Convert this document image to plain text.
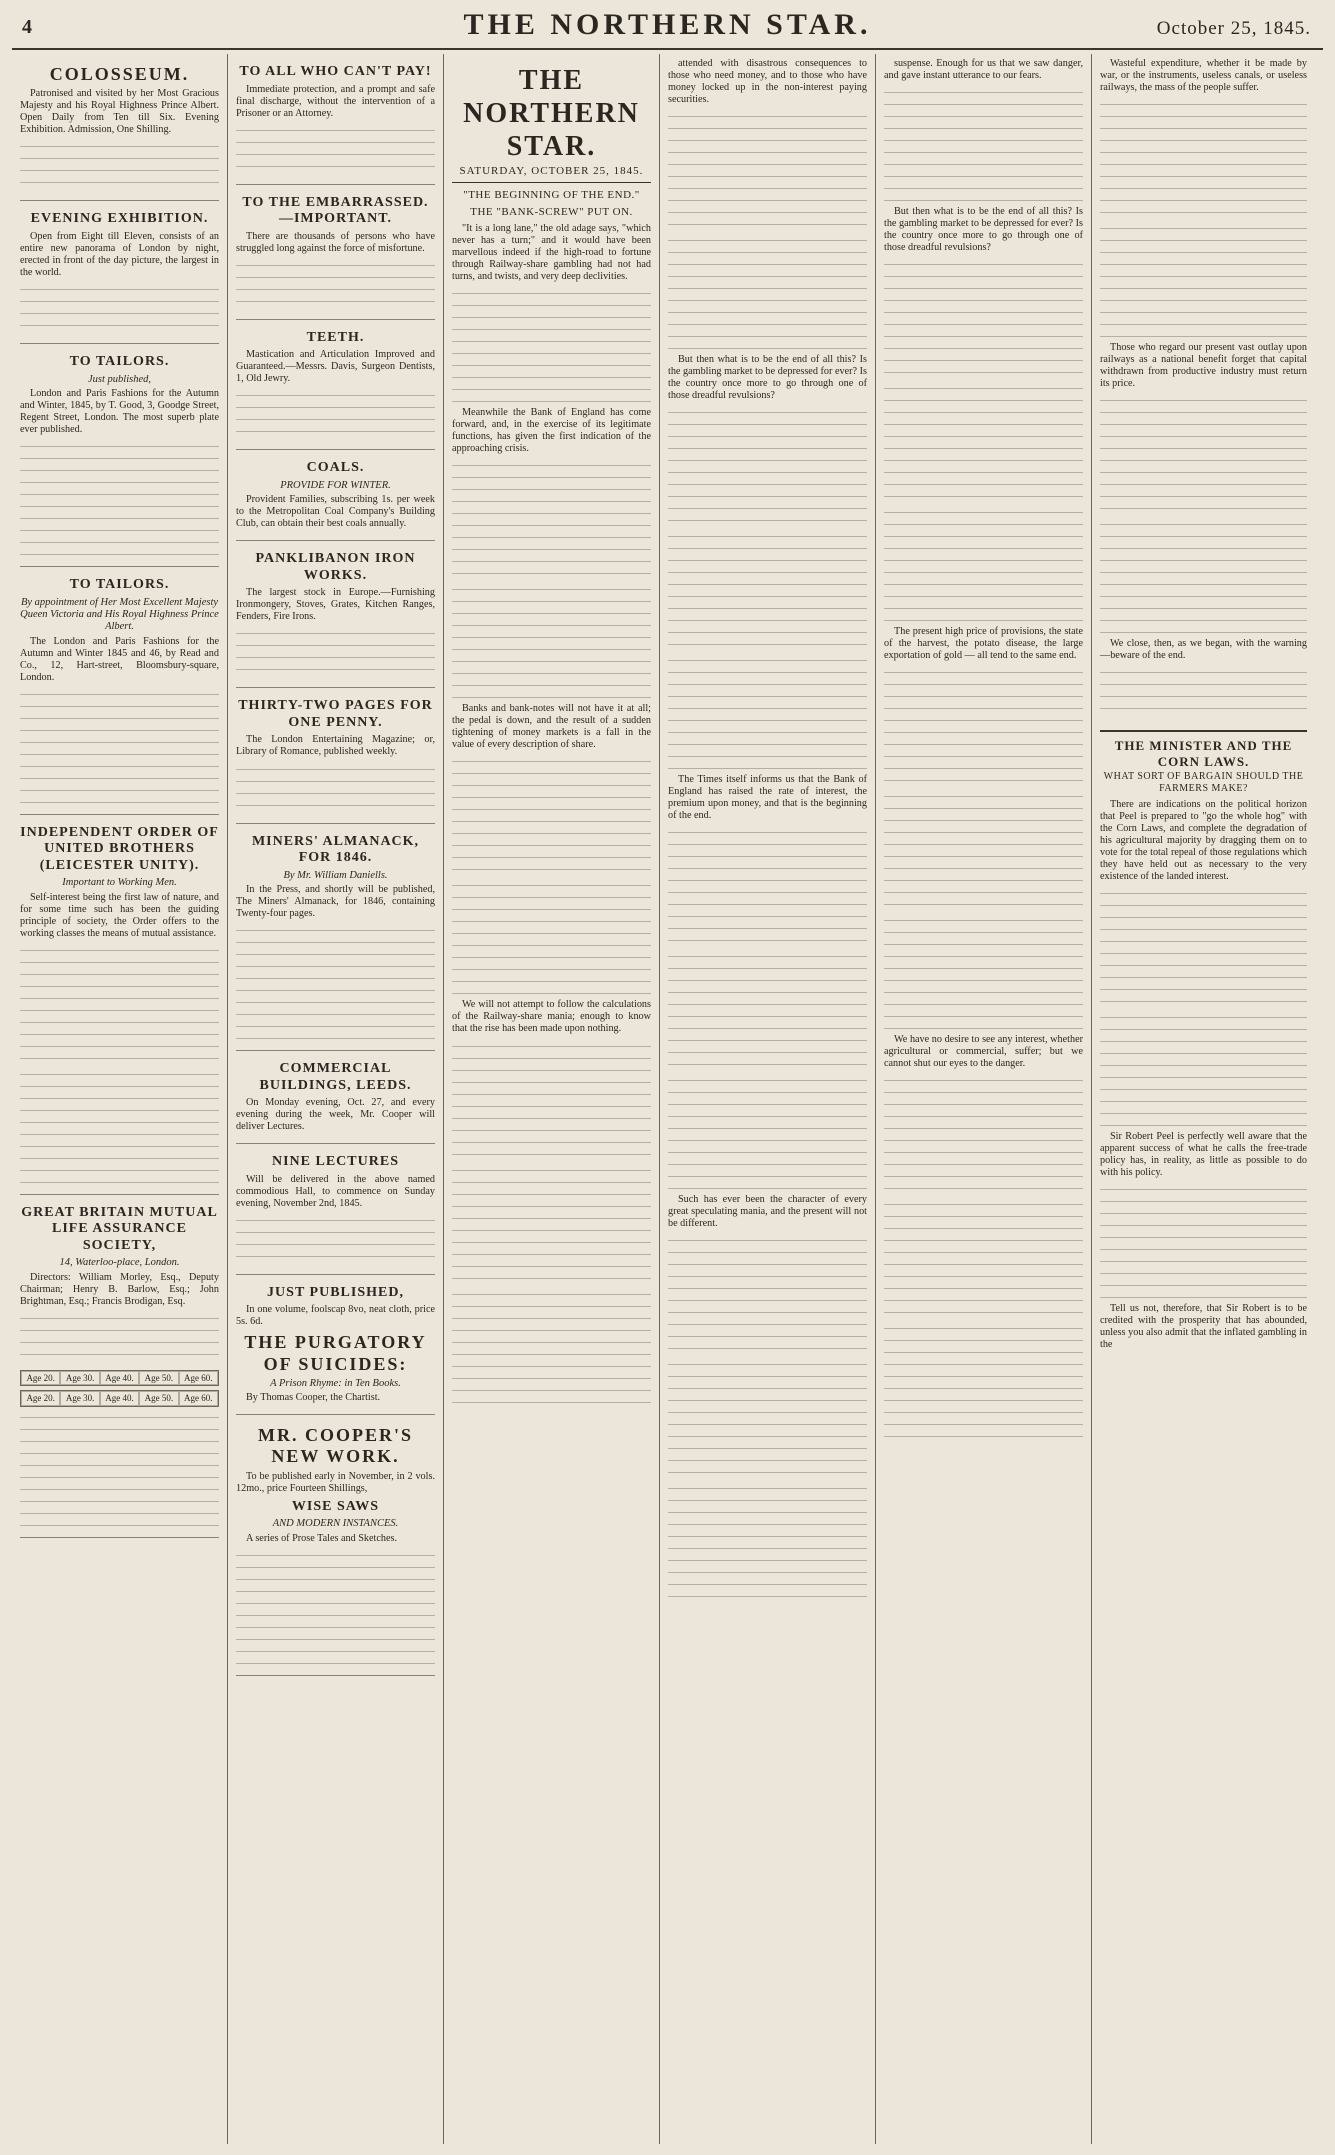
4	THE NORTHERN STAR.	October 25, 1845.
COLOSSEUM.

Patronised and visited by her Most Gracious Majesty and his Royal Highness Prince Albert. Open Daily from Ten till Six. Evening Exhibition. Admission, One Shilling.

EVENING EXHIBITION.

Open from Eight till Eleven, consists of an entire new panorama of London by night, erected in front of the day picture, the largest in the world.

TO TAILORS.
Just published,

London and Paris Fashions for the Autumn and Winter, 1845, by T. Good, 3, Goodge Street, Regent Street, London. The most superb plate ever published.

TO TAILORS.
By appointment of Her Most Excellent Majesty Queen Victoria and His Royal Highness Prince Albert.

The London and Paris Fashions for the Autumn and Winter 1845 and 46, by Read and Co., 12, Hart-street, Bloomsbury-square, London.

INDEPENDENT ORDER OF UNITED BROTHERS (LEICESTER UNITY).
Important to Working Men.

Self-interest being the first law of nature, and for some time such has been the guiding principle of society, the Order offers to the working classes the means of mutual assistance.

GREAT BRITAIN MUTUAL LIFE ASSURANCE SOCIETY,
14, Waterloo-place, London.

Directors: William Morley, Esq., Deputy Chairman; Henry B. Barlow, Esq.; John Brightman, Esq.; Francis Brodigan, Esq.

Age 20.	Age 30.	Age 40.	Age 50.	Age 60.
Age 20.	Age 30.	Age 40.	Age 50.	Age 60.
TO ALL WHO CAN'T PAY!

Immediate protection, and a prompt and safe final discharge, without the intervention of a Prisoner or an Attorney.

TO THE EMBARRASSED.—IMPORTANT.

There are thousands of persons who have struggled long against the force of misfortune.

TEETH.

Mastication and Articulation Improved and Guaranteed.—Messrs. Davis, Surgeon Dentists, 1, Old Jewry.

COALS.
PROVIDE FOR WINTER.

Provident Families, subscribing 1s. per week to the Metropolitan Coal Company's Building Club, can obtain their best coals annually.

PANKLIBANON IRON WORKS.

The largest stock in Europe.—Furnishing Ironmongery, Stoves, Grates, Kitchen Ranges, Fenders, Fire Irons.

THIRTY-TWO PAGES FOR ONE PENNY.

The London Entertaining Magazine; or, Library of Romance, published weekly.

MINERS' ALMANACK, FOR 1846.
By Mr. William Daniells.

In the Press, and shortly will be published, The Miners' Almanack, for 1846, containing Twenty-four pages.

COMMERCIAL BUILDINGS, LEEDS.

On Monday evening, Oct. 27, and every evening during the week, Mr. Cooper will deliver Lectures.

NINE LECTURES

Will be delivered in the above named commodious Hall, to commence on Sunday evening, November 2nd, 1845.

JUST PUBLISHED,

In one volume, foolscap 8vo, neat cloth, price 5s. 6d.

THE PURGATORY OF SUICIDES:
A Prison Rhyme: in Ten Books.

By Thomas Cooper, the Chartist.

MR. COOPER'S NEW WORK.

To be published early in November, in 2 vols. 12mo., price Fourteen Shillings,

WISE SAWS
AND MODERN INSTANCES.

A series of Prose Tales and Sketches.

THE NORTHERN STAR.
SATURDAY, OCTOBER 25, 1845.
"THE BEGINNING OF THE END."
THE "BANK-SCREW" PUT ON.

"It is a long lane," the old adage says, "which never has a turn;" and it would have been marvellous indeed if the high-road to fortune through Railway-share gambling had not had turns, and twists, and very deep declivities.

Meanwhile the Bank of England has come forward, and, in the exercise of its legitimate functions, has given the first indication of the approaching crisis.

Banks and bank-notes will not have it at all; the pedal is down, and the result of a sudden tightening of money markets is a fall in the value of every description of share.

We will not attempt to follow the calculations of the Railway-share mania; enough to know that the rise has been made upon nothing.

attended with disastrous consequences to those who need money, and to those who have money locked up in the non-interest paying securities.

But then what is to be the end of all this? Is the gambling market to be depressed for ever? Is the country once more to go through one of those dreadful revulsions?

The Times itself informs us that the Bank of England has raised the rate of interest, the premium upon money, and that is the beginning of the end.

Such has ever been the character of every great speculating mania, and the present will not be different.

suspense. Enough for us that we saw danger, and gave instant utterance to our fears.

But then what is to be the end of all this? Is the gambling market to be depressed for ever? Is the country once more to go through one of those dreadful revulsions?

The present high price of provisions, the state of the harvest, the potato disease, the large exportation of gold — all tend to the same end.

We have no desire to see any interest, whether agricultural or commercial, suffer; but we cannot shut our eyes to the danger.

Wasteful expenditure, whether it be made by war, or the instruments, useless canals, or useless railways, the mass of the people suffer.

Those who regard our present vast outlay upon railways as a national benefit forget that capital withdrawn from productive industry must return its price.

We close, then, as we began, with the warning—beware of the end.

THE MINISTER AND THE CORN LAWS.
WHAT SORT OF BARGAIN SHOULD THE FARMERS MAKE?

There are indications on the political horizon that Peel is prepared to "go the whole hog" with the Corn Laws, and complete the degradation of his agricultural majority by dragging them on to vote for the total repeal of those regulations which they have held out as necessary to the very existence of the landed interest.

Sir Robert Peel is perfectly well aware that the apparent success of what he calls the free-trade policy has, in reality, as little as possible to do with his policy.

Tell us not, therefore, that Sir Robert is to be credited with the prosperity that has abounded, unless you also admit that the inflated gambling in the
